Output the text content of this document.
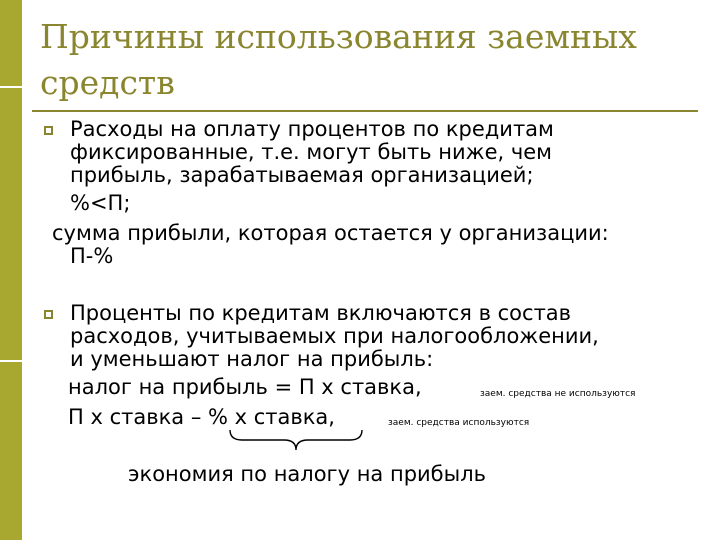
Причины использования заемных
средств
Расходы на оплату процентов по кредитам
фиксированные, т.е. могут быть ниже, чем
прибыль, зарабатываемая организацией;
%<П;
сумма прибыли, которая остается у организации:
П-%
Проценты по кредитам включаются в состав
расходов, учитываемых при налогообложении,
и уменьшают налог на прибыль:
налог на прибыль = П х ставка,	заем. средства не используются
П х ставка – % х ставка,	заем. средства используются
экономия по налогу на прибыль
